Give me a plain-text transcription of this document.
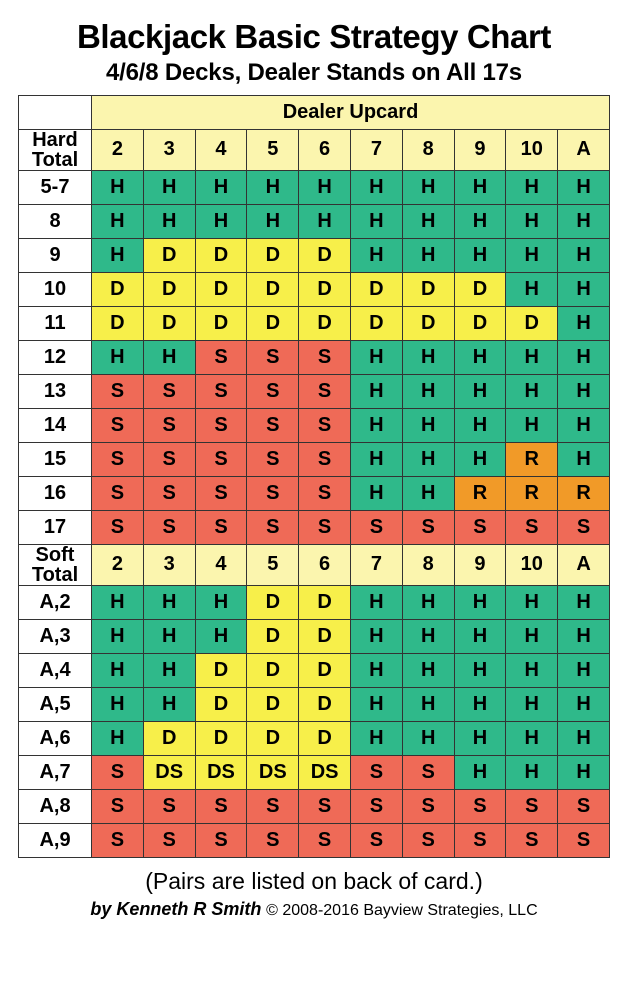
Blackjack Basic Strategy Chart
4/6/8 Decks, Dealer Stands on All 17s
	Dealer Upcard									

Hard
Total	2	3	4	5	6	7	8	9	10	A
5-7	H	H	H	H	H	H	H	H	H	H
8	H	H	H	H	H	H	H	H	H	H
9	H	D	D	D	D	H	H	H	H	H
10	D	D	D	D	D	D	D	D	H	H
11	D	D	D	D	D	D	D	D	D	H
12	H	H	S	S	S	H	H	H	H	H
13	S	S	S	S	S	H	H	H	H	H
14	S	S	S	S	S	H	H	H	H	H
15	S	S	S	S	S	H	H	H	R	H
16	S	S	S	S	S	H	H	R	R	R
17	S	S	S	S	S	S	S	S	S	S

Soft
Total	2	3	4	5	6	7	8	9	10	A
A,2	H	H	H	D	D	H	H	H	H	H
A,3	H	H	H	D	D	H	H	H	H	H
A,4	H	H	D	D	D	H	H	H	H	H
A,5	H	H	D	D	D	H	H	H	H	H
A,6	H	D	D	D	D	H	H	H	H	H
A,7	S	DS	DS	DS	DS	S	S	H	H	H
A,8	S	S	S	S	S	S	S	S	S	S
A,9	S	S	S	S	S	S	S	S	S	S
(Pairs are listed on back of card.)
by Kenneth R Smith © 2008-2016 Bayview Strategies, LLC
